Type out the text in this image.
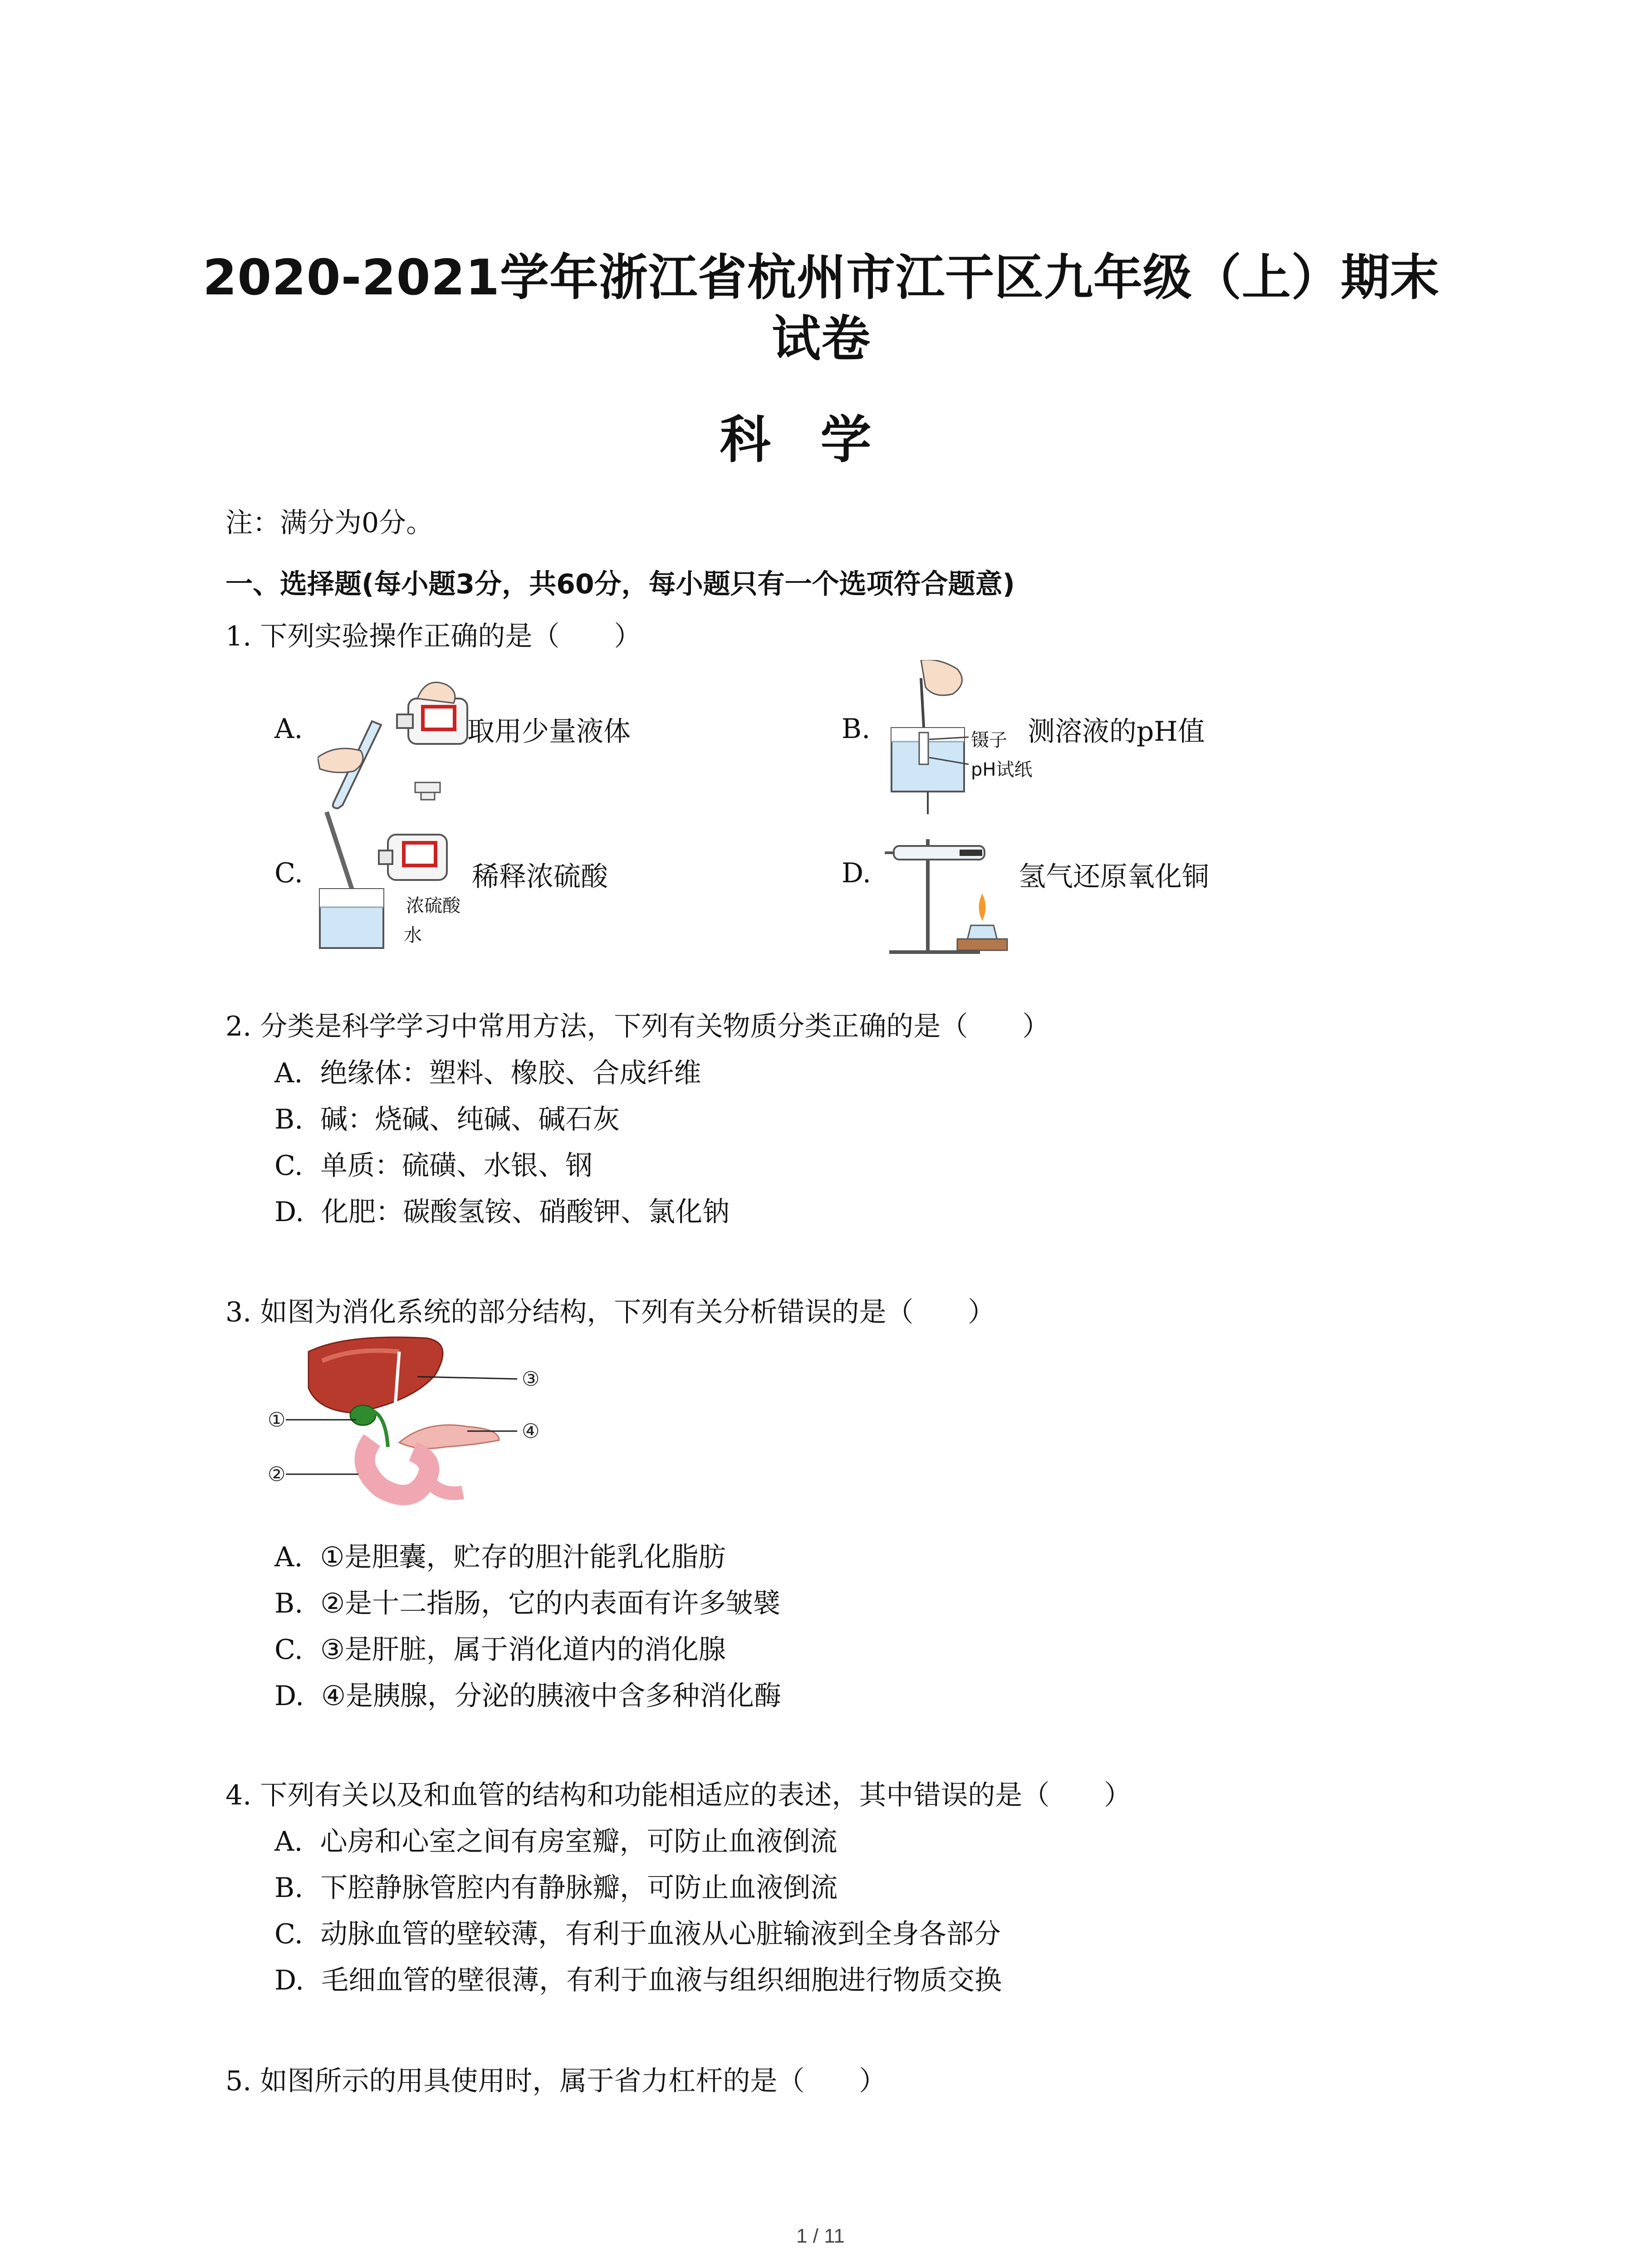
2020-2021学年浙江省杭州市江干区九年级（上）期末
试卷
科学
注：满分为0分。
一、选择题(每小题3分，共60分，每小题只有一个选项符合题意)
1. 下列实验操作正确的是（　　）
A.	取用少量液体	B.	镊子
pH试纸
测溶液的pH值
C.
浓硫酸
水
稀释浓硫酸	D.	氢气还原氧化铜
2. 分类是科学学习中常用方法，下列有关物质分类正确的是（　　）
A.  绝缘体：塑料、橡胶、合成纤维
B.  碱：烧碱、纯碱、碱石灰
C.  单质：硫磺、水银、钢
D.  化肥：碳酸氢铵、硝酸钾、氯化钠
3. 如图为消化系统的部分结构，下列有关分析错误的是（　　）
①
②
③
④
A.  ①是胆囊，贮存的胆汁能乳化脂肪
B.  ②是十二指肠，它的内表面有许多皱襞
C.  ③是肝脏，属于消化道内的消化腺
D.  ④是胰腺，分泌的胰液中含多种消化酶
4. 下列有关以及和血管的结构和功能相适应的表述，其中错误的是（　　）
A.  心房和心室之间有房室瓣，可防止血液倒流
B.  下腔静脉管腔内有静脉瓣，可防止血液倒流
C.  动脉血管的壁较薄，有利于血液从心脏输液到全身各部分
D.  毛细血管的壁很薄，有利于血液与组织细胞进行物质交换
5. 如图所示的用具使用时，属于省力杠杆的是（　　）
1 / 11
